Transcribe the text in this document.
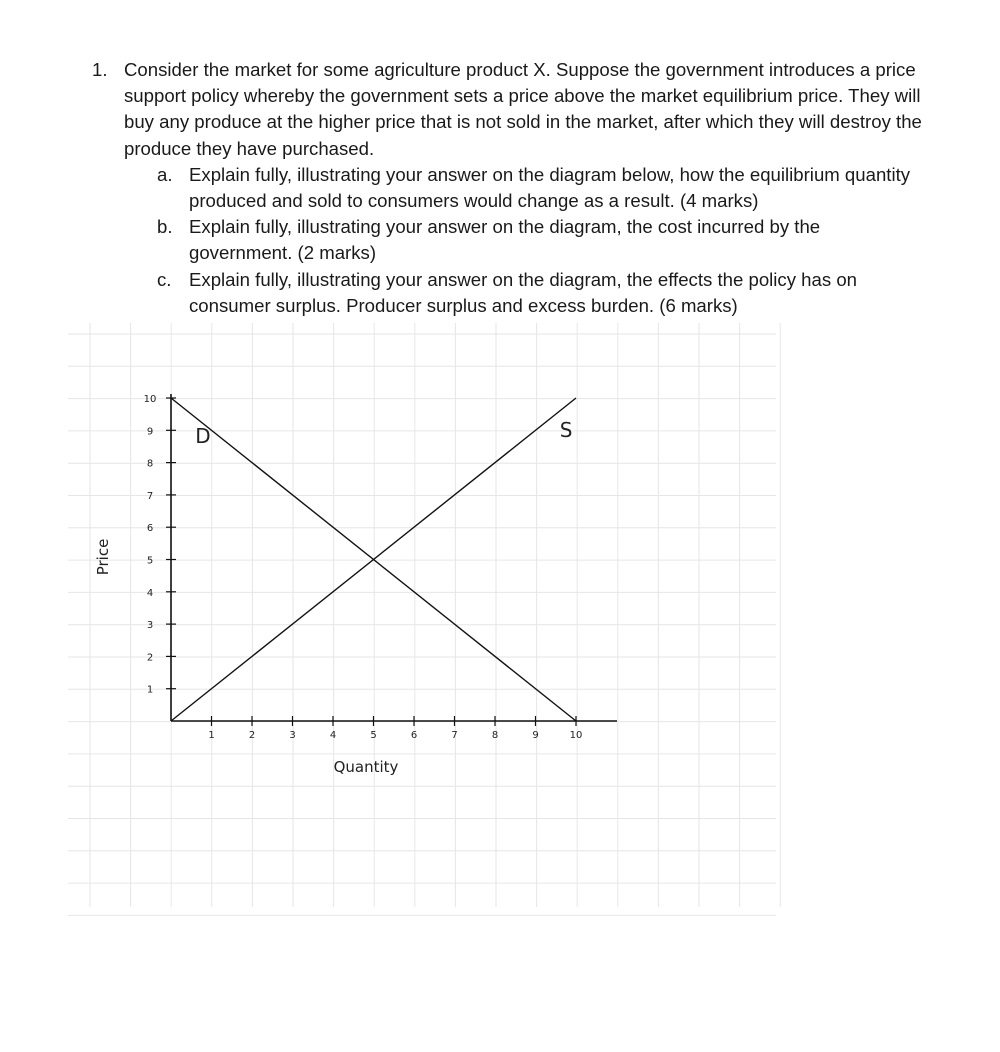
1
2
3
4
5
6
7
8
9
10
1	2	3	4	5	6	7	8	9	10
D	S
Quantity
Price
1. Consider the market for some agriculture product X. Suppose the government introduces a price support policy whereby the government sets a price above the market equilibrium price. They will buy any produce at the higher price that is not sold in the market, after which they will destroy the produce they have purchased.
a. Explain fully, illustrating your answer on the diagram below, how the equilibrium quantity produced and sold to consumers would change as a result. (4 marks)
b. Explain fully, illustrating your answer on the diagram, the cost incurred by the government. (2 marks)
c. Explain fully, illustrating your answer on the diagram, the effects the policy has on consumer surplus. Producer surplus and excess burden. (6 marks)
